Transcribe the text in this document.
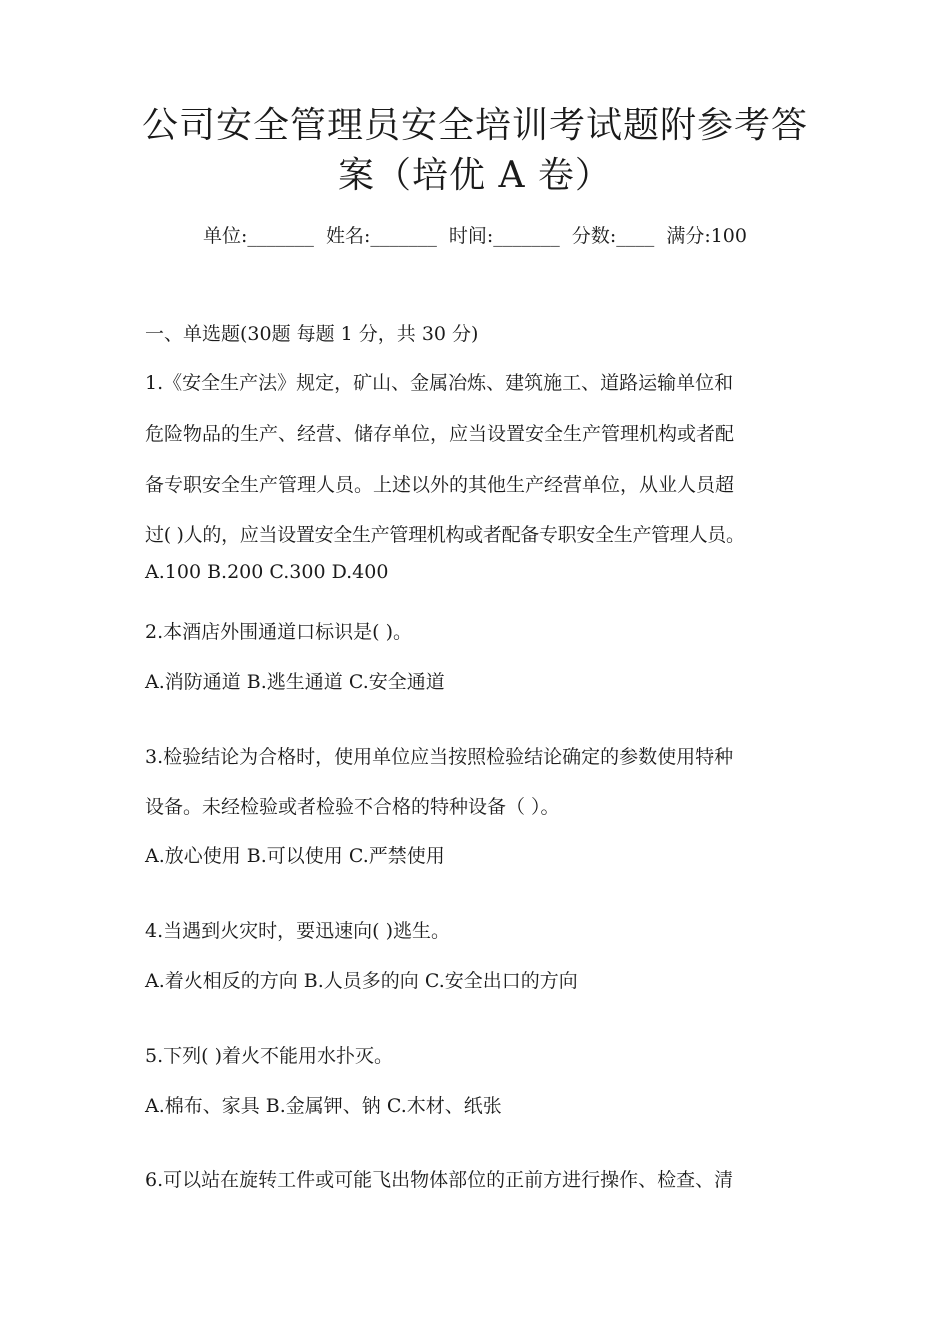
公司安全管理员安全培训考试题附参考答
案（培优 A 卷）
单位:_______ 姓名:_______ 时间:_______ 分数:____ 满分:100
一、单选题(30题 每题 1 分，共 30 分)
1.《安全生产法》规定，矿山、金属冶炼、建筑施工、道路运输单位和
危险物品的生产、经营、储存单位，应当设置安全生产管理机构或者配
备专职安全生产管理人员。上述以外的其他生产经营单位，从业人员超
过( )人的，应当设置安全生产管理机构或者配备专职安全生产管理人员。
A.100 B.200 C.300 D.400
2.本酒店外围通道口标识是( )。
A.消防通道 B.逃生通道 C.安全通道
3.检验结论为合格时，使用单位应当按照检验结论确定的参数使用特种
设备。未经检验或者检验不合格的特种设备（ ）。
A.放心使用 B.可以使用 C.严禁使用
4.当遇到火灾时，要迅速向( )逃生。
A.着火相反的方向 B.人员多的向 C.安全出口的方向
5.下列( )着火不能用水扑灭。
A.棉布、家具 B.金属钾、钠 C.木材、纸张
6.可以站在旋转工件或可能飞出物体部位的正前方进行操作、检查、清
